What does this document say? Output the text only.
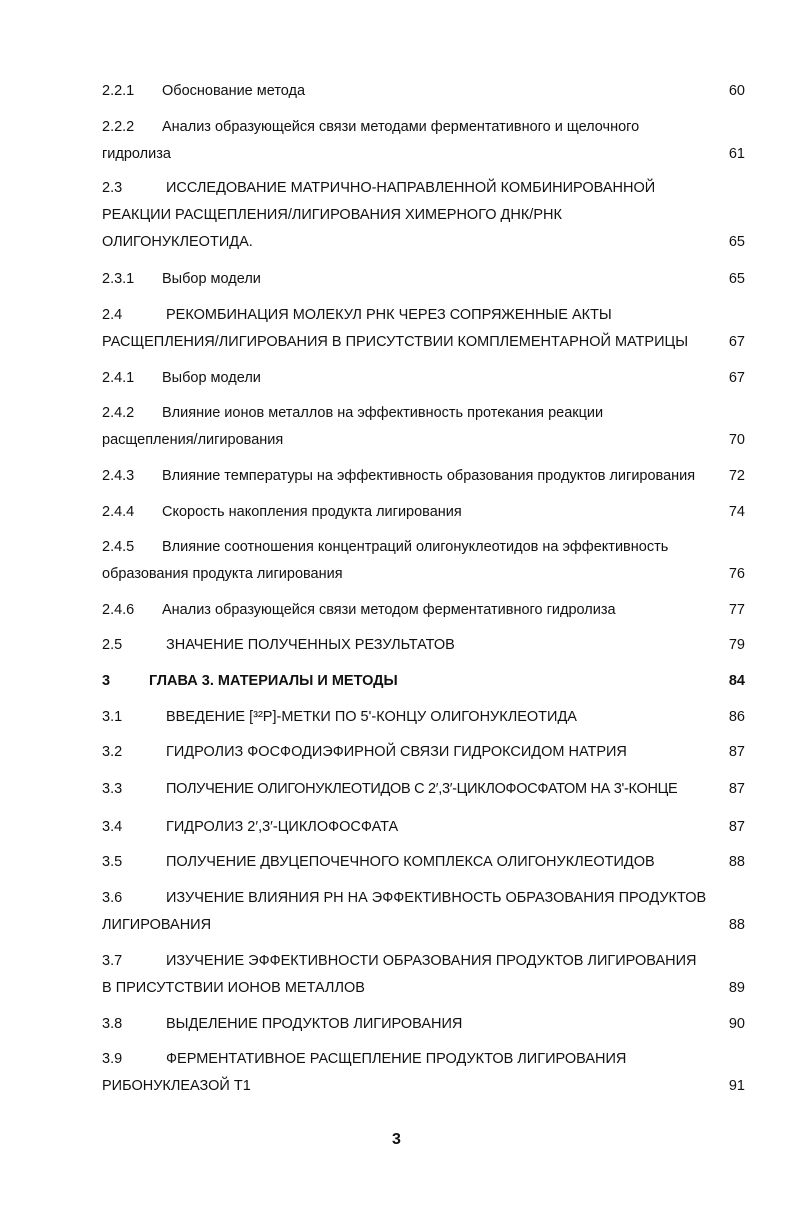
2.2.1 Обоснование метода	60
2.2.2 Анализ образующейся связи методами ферментативного и щелочного
гидролиза	61
2.3	ИССЛЕДОВАНИЕ МАТРИЧНО-НАПРАВЛЕННОЙ КОМБИНИРОВАННОЙ
РЕАКЦИИ РАСЩЕПЛЕНИЯ/ЛИГИРОВАНИЯ ХИМЕРНОГО ДНК/РНК
ОЛИГОНУКЛЕОТИДА.	65
2.3.1 Выбор модели	65
2.4	РЕКОМБИНАЦИЯ МОЛЕКУЛ РНК ЧЕРЕЗ СОПРЯЖЕННЫЕ АКТЫ
РАСЩЕПЛЕНИЯ/ЛИГИРОВАНИЯ В ПРИСУТСТВИИ КОМПЛЕМЕНТАРНОЙ МАТРИЦЫ	67
2.4.1 Выбор модели	67
2.4.2 Влияние ионов металлов на эффективность протекания реакции
расщепления/лигирования	70
2.4.3 Влияние температуры на эффективность образования продуктов лигирования 72
2.4.4 Скорость накопления продукта лигирования	74
2.4.5 Влияние соотношения концентраций олигонуклеотидов на эффективность
образования продукта лигирования	76
2.4.6 Анализ образующейся связи методом ферментативного гидролиза	77
2.5	ЗНАЧЕНИЕ ПОЛУЧЕННЫХ РЕЗУЛЬТАТОВ	79
3	ГЛАВА 3. МАТЕРИАЛЫ И МЕТОДЫ	84
3.1	ВВЕДЕНИЕ [³²P]-МЕТКИ ПО 5'-КОНЦУ ОЛИГОНУКЛЕОТИДА	86
3.2	ГИДРОЛИЗ ФОСФОДИЭФИРНОЙ СВЯЗИ ГИДРОКСИДОМ НАТРИЯ	87
3.3	ПОЛУЧЕНИЕ ОЛИГОНУКЛЕОТИДОВ С 2′,3′-ЦИКЛОФОСФАТОМ НА 3'-КОНЦЕ	87
3.4	ГИДРОЛИЗ 2′,3′-ЦИКЛОФОСФАТА	87
3.5	ПОЛУЧЕНИЕ ДВУЦЕПОЧЕЧНОГО КОМПЛЕКСА ОЛИГОНУКЛЕОТИДОВ	88
3.6	ИЗУЧЕНИЕ ВЛИЯНИЯ РН НА ЭФФЕКТИВНОСТЬ ОБРАЗОВАНИЯ ПРОДУКТОВ
ЛИГИРОВАНИЯ	88
3.7	ИЗУЧЕНИЕ ЭФФЕКТИВНОСТИ ОБРАЗОВАНИЯ ПРОДУКТОВ ЛИГИРОВАНИЯ
В ПРИСУТСТВИИ ИОНОВ МЕТАЛЛОВ	89
3.8	ВЫДЕЛЕНИЕ ПРОДУКТОВ ЛИГИРОВАНИЯ	90
3.9	ФЕРМЕНТАТИВНОЕ РАСЩЕПЛЕНИЕ ПРОДУКТОВ ЛИГИРОВАНИЯ
РИБОНУКЛЕАЗОЙ Т1	91
3
